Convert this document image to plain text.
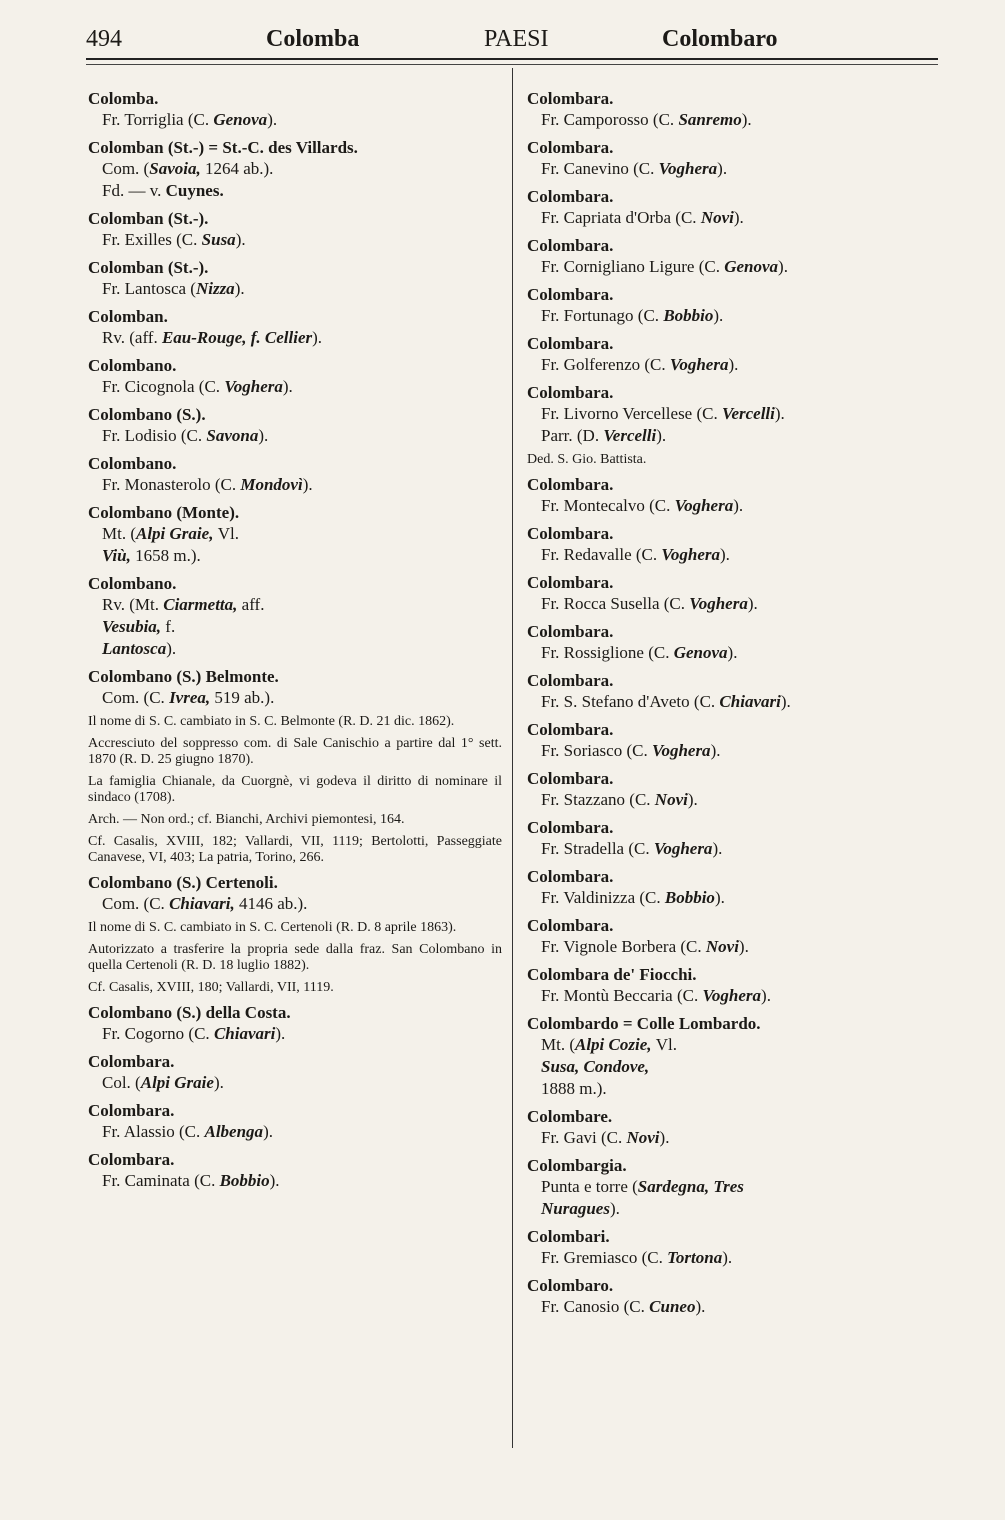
494	Colomba	PAESI	Colombaro
Colomba.
Fr. Torriglia (C. Genova).
Colomban (St.-) = St.-C. des Villards.
Com. (Savoia, 1264 ab.).
Fd. — v. Cuynes.
Colomban (St.-).
Fr. Exilles (C. Susa).
Colomban (St.-).
Fr. Lantosca (Nizza).
Colomban.
Rv. (aff. Eau-Rouge, f. Cellier).
Colombano.
Fr. Cicognola (C. Voghera).
Colombano (S.).
Fr. Lodisio (C. Savona).
Colombano.
Fr. Monasterolo (C. Mondovì).
Colombano (Monte).
Mt. (Alpi Graie, Vl.
Viù, 1658 m.).
Colombano.
Rv. (Mt. Ciarmetta, aff.
Vesubia, f.
Lantosca).
Colombano (S.) Belmonte.
Com. (C. Ivrea, 519 ab.).
Il nome di S. C. cambiato in S. C. Belmonte (R. D. 21 dic. 1862).
Accresciuto del soppresso com. di Sale Canischio a partire dal 1° sett. 1870 (R. D. 25 giugno 1870).
La famiglia Chianale, da Cuorgnè, vi godeva il diritto di nominare il sindaco (1708).
Arch. — Non ord.; cf. Bianchi, Archivi piemontesi, 164.
Cf. Casalis, XVIII, 182; Vallardi, VII, 1119; Bertolotti, Passeggiate Canavese, VI, 403; La patria, Torino, 266.
Colombano (S.) Certenoli.
Com. (C. Chiavari, 4146 ab.).
Il nome di S. C. cambiato in S. C. Certenoli (R. D. 8 aprile 1863).
Autorizzato a trasferire la propria sede dalla fraz. San Colombano in quella Certenoli (R. D. 18 luglio 1882).
Cf. Casalis, XVIII, 180; Vallardi, VII, 1119.
Colombano (S.) della Costa.
Fr. Cogorno (C. Chiavari).
Colombara.
Col. (Alpi Graie).
Colombara.
Fr. Alassio (C. Albenga).
Colombara.
Fr. Caminata (C. Bobbio).
Colombara.
Fr. Camporosso (C. Sanremo).
Colombara.
Fr. Canevino (C. Voghera).
Colombara.
Fr. Capriata d'Orba (C. Novi).
Colombara.
Fr. Cornigliano Ligure (C. Genova).
Colombara.
Fr. Fortunago (C. Bobbio).
Colombara.
Fr. Golferenzo (C. Voghera).
Colombara.
Fr. Livorno Vercellese (C. Vercelli).
Parr. (D. Vercelli).
Ded. S. Gio. Battista.
Colombara.
Fr. Montecalvo (C. Voghera).
Colombara.
Fr. Redavalle (C. Voghera).
Colombara.
Fr. Rocca Susella (C. Voghera).
Colombara.
Fr. Rossiglione (C. Genova).
Colombara.
Fr. S. Stefano d'Aveto (C. Chiavari).
Colombara.
Fr. Soriasco (C. Voghera).
Colombara.
Fr. Stazzano (C. Novi).
Colombara.
Fr. Stradella (C. Voghera).
Colombara.
Fr. Valdinizza (C. Bobbio).
Colombara.
Fr. Vignole Borbera (C. Novi).
Colombara de' Fiocchi.
Fr. Montù Beccaria (C. Voghera).
Colombardo = Colle Lombardo.
Mt. (Alpi Cozie, Vl.
Susa, Condove,
1888 m.).
Colombare.
Fr. Gavi (C. Novi).
Colombargia.
Punta e torre (Sardegna, Tres
Nuragues).
Colombari.
Fr. Gremiasco (C. Tortona).
Colombaro.
Fr. Canosio (C. Cuneo).
